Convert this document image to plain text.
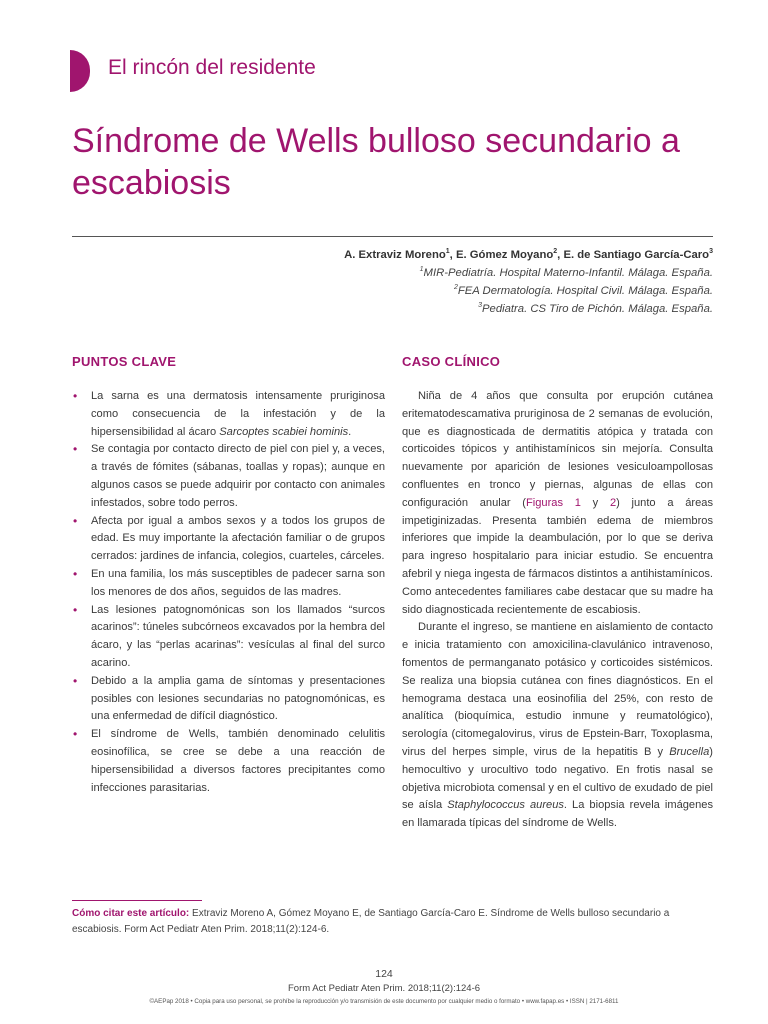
El rincón del residente
Síndrome de Wells bulloso secundario a escabiosis
A. Extraviz Moreno$^1$, E. Gómez Moyano$^2$, E. de Santiago García-Caro$^3$
$^1$MIR-Pediatría. Hospital Materno-Infantil. Málaga. España.
$^2$FEA Dermatología. Hospital Civil. Málaga. España.
$^3$Pediatra. CS Tiro de Pichón. Málaga. España.
PUNTOS CLAVE
• La sarna es una dermatosis intensamente pruriginosa como consecuencia de la infestación y de la hipersensibilidad al ácaro Sarcoptes scabiei hominis.
• Se contagia por contacto directo de piel con piel y, a veces, a través de fómites (sábanas, toallas y ropas); aunque en algunos casos se puede adquirir por contacto con animales infestados, sobre todo perros.
• Afecta por igual a ambos sexos y a todos los grupos de edad. Es muy importante la afectación familiar o de grupos cerrados: jardines de infancia, colegios, cuarteles, cárceles.
• En una familia, los más susceptibles de padecer sarna son los menores de dos años, seguidos de las madres.
• Las lesiones patognomónicas son los llamados “surcos acarinos”: túneles subcórneos excavados por la hembra del ácaro, y las “perlas acarinas”: vesículas al final del surco acarino.
• Debido a la amplia gama de síntomas y presentaciones posibles con lesiones secundarias no patognomónicas, es una enfermedad de difícil diagnóstico.
• El síndrome de Wells, también denominado celulitis eosinofílica, se cree se debe a una reacción de hipersensibilidad a diversos factores precipitantes como infecciones parasitarias.
CASO CLÍNICO

Niña de 4 años que consulta por erupción cutánea eritematodescamativa pruriginosa de 2 semanas de evolución, que es diagnosticada de dermatitis atópica y tratada con corticoides tópicos y antihistamínicos sin mejoría. Consulta nuevamente por aparición de lesiones vesiculoampollosas confluentes en tronco y piernas, algunas de ellas con configuración anular (Figuras 1 y 2) junto a áreas impetiginizadas. Presenta también edema de miembros inferiores que impide la deambulación, por lo que se deriva para ingreso hospitalario para iniciar estudio. Se encuentra afebril y niega ingesta de fármacos distintos a antihistamínicos. Como antecedentes familiares cabe destacar que su madre ha sido diagnosticada recientemente de escabiosis.

Durante el ingreso, se mantiene en aislamiento de contacto e inicia tratamiento con amoxicilina-clavulánico intravenoso, fomentos de permanganato potásico y corticoides sistémicos. Se realiza una biopsia cutánea con fines diagnósticos. En el hemograma destaca una eosinofilia del 25%, con resto de analítica (bioquímica, estudio inmune y reumatológico), serología (citomegalovirus, virus de Epstein-Barr, Toxoplasma, virus del herpes simple, virus de la hepatitis B y Brucella) hemocultivo y urocultivo todo negativo. En frotis nasal se objetiva microbiota comensal y en el cultivo de exudado de piel se aísla Staphylococcus aureus. La biopsia revela imágenes en llamarada típicas del síndrome de Wells.

Cómo citar este artículo: Extraviz Moreno A, Gómez Moyano E, de Santiago García-Caro E. Síndrome de Wells bulloso secundario a escabiosis. Form Act Pediatr Aten Prim. 2018;11(2):124-6.
124
Form Act Pediatr Aten Prim. 2018;11(2):124-6
©AEPap 2018 • Copia para uso personal, se prohíbe la reproducción y/o transmisión de este documento por cualquier medio o formato • www.fapap.es • ISSN | 2171-6811
